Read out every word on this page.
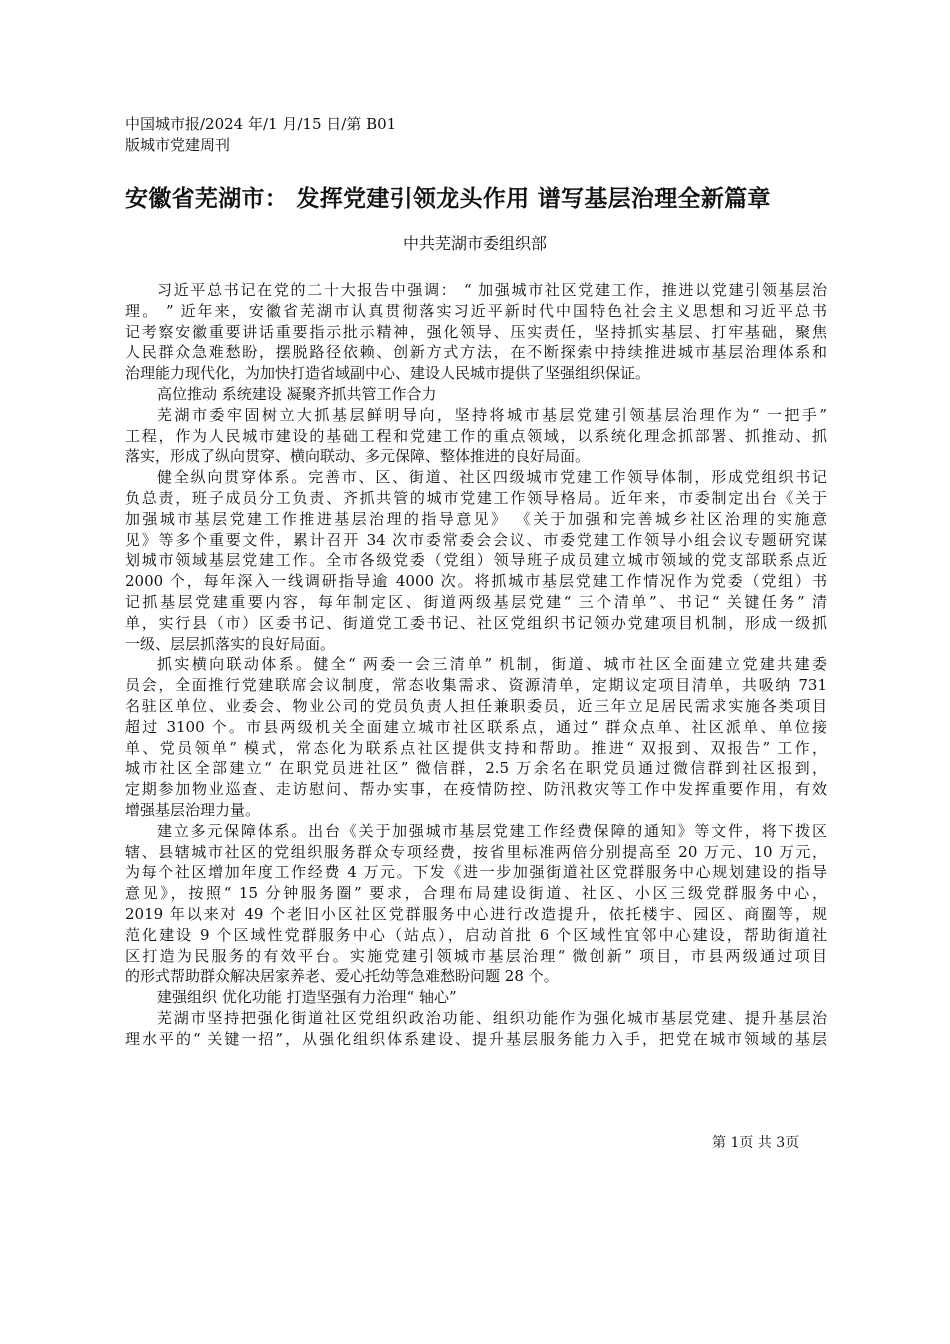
中国城市报/2024 年/1 月/15 日/第 B01
版城市党建周刊
安徽省芜湖市： 发挥党建引领龙头作用 谱写基层治理全新篇章
中共芜湖市委组织部
习近平总书记在党的二十大报告中强调： “ 加强城市社区党建工作，推进以党建引领基层治
理。 ” 近年来，安徽省芜湖市认真贯彻落实习近平新时代中国特色社会主义思想和习近平总书
记考察安徽重要讲话重要指示批示精神，强化领导、压实责任，坚持抓实基层、打牢基础，聚焦
人民群众急难愁盼，摆脱路径依赖、创新方式方法，在不断探索中持续推进城市基层治理体系和
治理能力现代化，为加快打造省域副中心、建设人民城市提供了坚强组织保证。
高位推动 系统建设 凝聚齐抓共管工作合力
芜湖市委牢固树立大抓基层鲜明导向，坚持将城市基层党建引领基层治理作为“ 一把手”
工程，作为人民城市建设的基础工程和党建工作的重点领域，以系统化理念抓部署、抓推动、抓
落实，形成了纵向贯穿、横向联动、多元保障、整体推进的良好局面。
健全纵向贯穿体系。完善市、区、街道、社区四级城市党建工作领导体制，形成党组织书记
负总责，班子成员分工负责、齐抓共管的城市党建工作领导格局。近年来，市委制定出台《关于
加强城市基层党建工作推进基层治理的指导意见》 《关于加强和完善城乡社区治理的实施意
见》等多个重要文件，累计召开 34 次市委常委会会议、市委党建工作领导小组会议专题研究谋
划城市领域基层党建工作。全市各级党委（党组）领导班子成员建立城市领域的党支部联系点近
2000 个，每年深入一线调研指导逾 4000 次。将抓城市基层党建工作情况作为党委（党组）书
记抓基层党建重要内容，每年制定区、街道两级基层党建“ 三个清单”、书记“ 关键任务” 清
单，实行县（市）区委书记、街道党工委书记、社区党组织书记领办党建项目机制，形成一级抓
一级、层层抓落实的良好局面。
抓实横向联动体系。健全“ 两委一会三清单” 机制，街道、城市社区全面建立党建共建委
员会，全面推行党建联席会议制度，常态收集需求、资源清单，定期议定项目清单，共吸纳 731
名驻区单位、业委会、物业公司的党员负责人担任兼职委员，近三年立足居民需求实施各类项目
超过 3100 个。市县两级机关全面建立城市社区联系点，通过“ 群众点单、社区派单、单位接
单、党员领单” 模式，常态化为联系点社区提供支持和帮助。推进“ 双报到、双报告” 工作，
城市社区全部建立“ 在职党员进社区” 微信群，2.5 万余名在职党员通过微信群到社区报到，
定期参加物业巡查、走访慰问、帮办实事，在疫情防控、防汛救灾等工作中发挥重要作用，有效
增强基层治理力量。
建立多元保障体系。出台《关于加强城市基层党建工作经费保障的通知》等文件，将下拨区
辖、县辖城市社区的党组织服务群众专项经费，按省里标准两倍分别提高至 20 万元、10 万元，
为每个社区增加年度工作经费 4 万元。下发《进一步加强街道社区党群服务中心规划建设的指导
意见》，按照“ 15 分钟服务圈” 要求，合理布局建设街道、社区、小区三级党群服务中心，
2019 年以来对 49 个老旧小区社区党群服务中心进行改造提升，依托楼宇、园区、商圈等，规
范化建设 9 个区域性党群服务中心（站点），启动首批 6 个区域性宜邻中心建设，帮助街道社
区打造为民服务的有效平台。实施党建引领城市基层治理“ 微创新” 项目，市县两级通过项目
的形式帮助群众解决居家养老、爱心托幼等急难愁盼问题 28 个。
建强组织 优化功能 打造坚强有力治理“ 轴心”
芜湖市坚持把强化街道社区党组织政治功能、组织功能作为强化城市基层党建、提升基层治
理水平的“ 关键一招”，从强化组织体系建设、提升基层服务能力入手，把党在城市领域的基层
第 1页 共 3页
